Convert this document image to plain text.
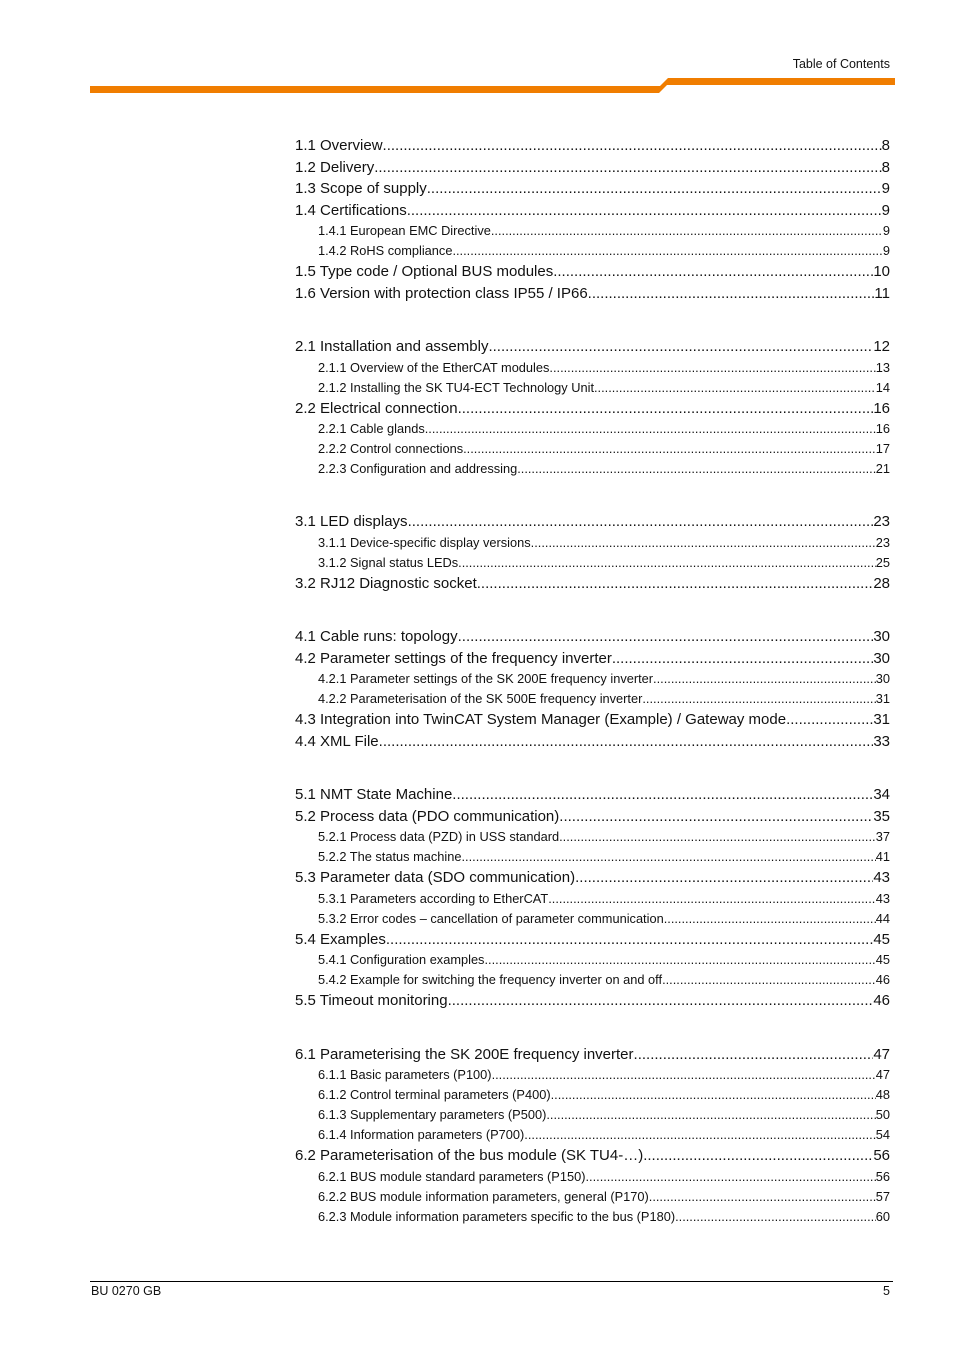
Table of Contents
1.1 Overview .....	8
1.2 Delivery .....	8
1.3 Scope of supply .....	9
1.4 Certifications .....	9
1.4.1 European EMC Directive .....	9
1.4.2 RoHS compliance .....	9
1.5 Type code / Optional BUS modules .....	10
1.6 Version with protection class IP55 / IP66 .....	11
2.1 Installation and assembly .....	12
2.1.1 Overview of the EtherCAT modules .....	13
2.1.2 Installing the SK TU4-ECT Technology Unit... .....	14
2.2 Electrical connection .....	16
2.2.1 Cable glands .....	16
2.2.2 Control connections .....	17
2.2.3 Configuration and addressing .....	21
3.1 LED displays .....	23
3.1.1 Device-specific display versions .....	23
3.1.2 Signal status LEDs .....	25
3.2 RJ12 Diagnostic socket .....	28
4.1 Cable runs: topology .....	30
4.2 Parameter settings of the frequency inverter .....	30
4.2.1 Parameter settings of the SK 200E frequency inverter .....	30
4.2.2 Parameterisation of the SK 500E frequency inverter .....	31
4.3 Integration into TwinCAT System Manager (Example) / Gateway mode .....	31
4.4 XML File .....	33
5.1 NMT State Machine .....	34
5.2 Process data (PDO communication) .....	35
5.2.1 Process data (PZD) in USS standard .....	37
5.2.2 The status machine .....	41
5.3 Parameter data (SDO communication) .....	43
5.3.1 Parameters according to EtherCAT .....	43
5.3.2 Error codes – cancellation of parameter communication .....	44
5.4 Examples .....	45
5.4.1 Configuration examples .....	45
5.4.2 Example for switching the frequency inverter on and off .....	46
5.5 Timeout monitoring .....	46
6.1 Parameterising the SK 200E frequency inverter .....	47
6.1.1 Basic parameters (P100) .....	47
6.1.2 Control terminal parameters (P400) .....	48
6.1.3 Supplementary parameters (P500) .....	50
6.1.4 Information parameters (P700) .....	54
6.2 Parameterisation of the bus module (SK TU4-…) .....	56
6.2.1 BUS module standard parameters (P150) .....	56
6.2.2 BUS module information parameters, general (P170) .....	57
6.2.3 Module information parameters specific to the bus (P180) .....	60
BU 0270 GB	5
